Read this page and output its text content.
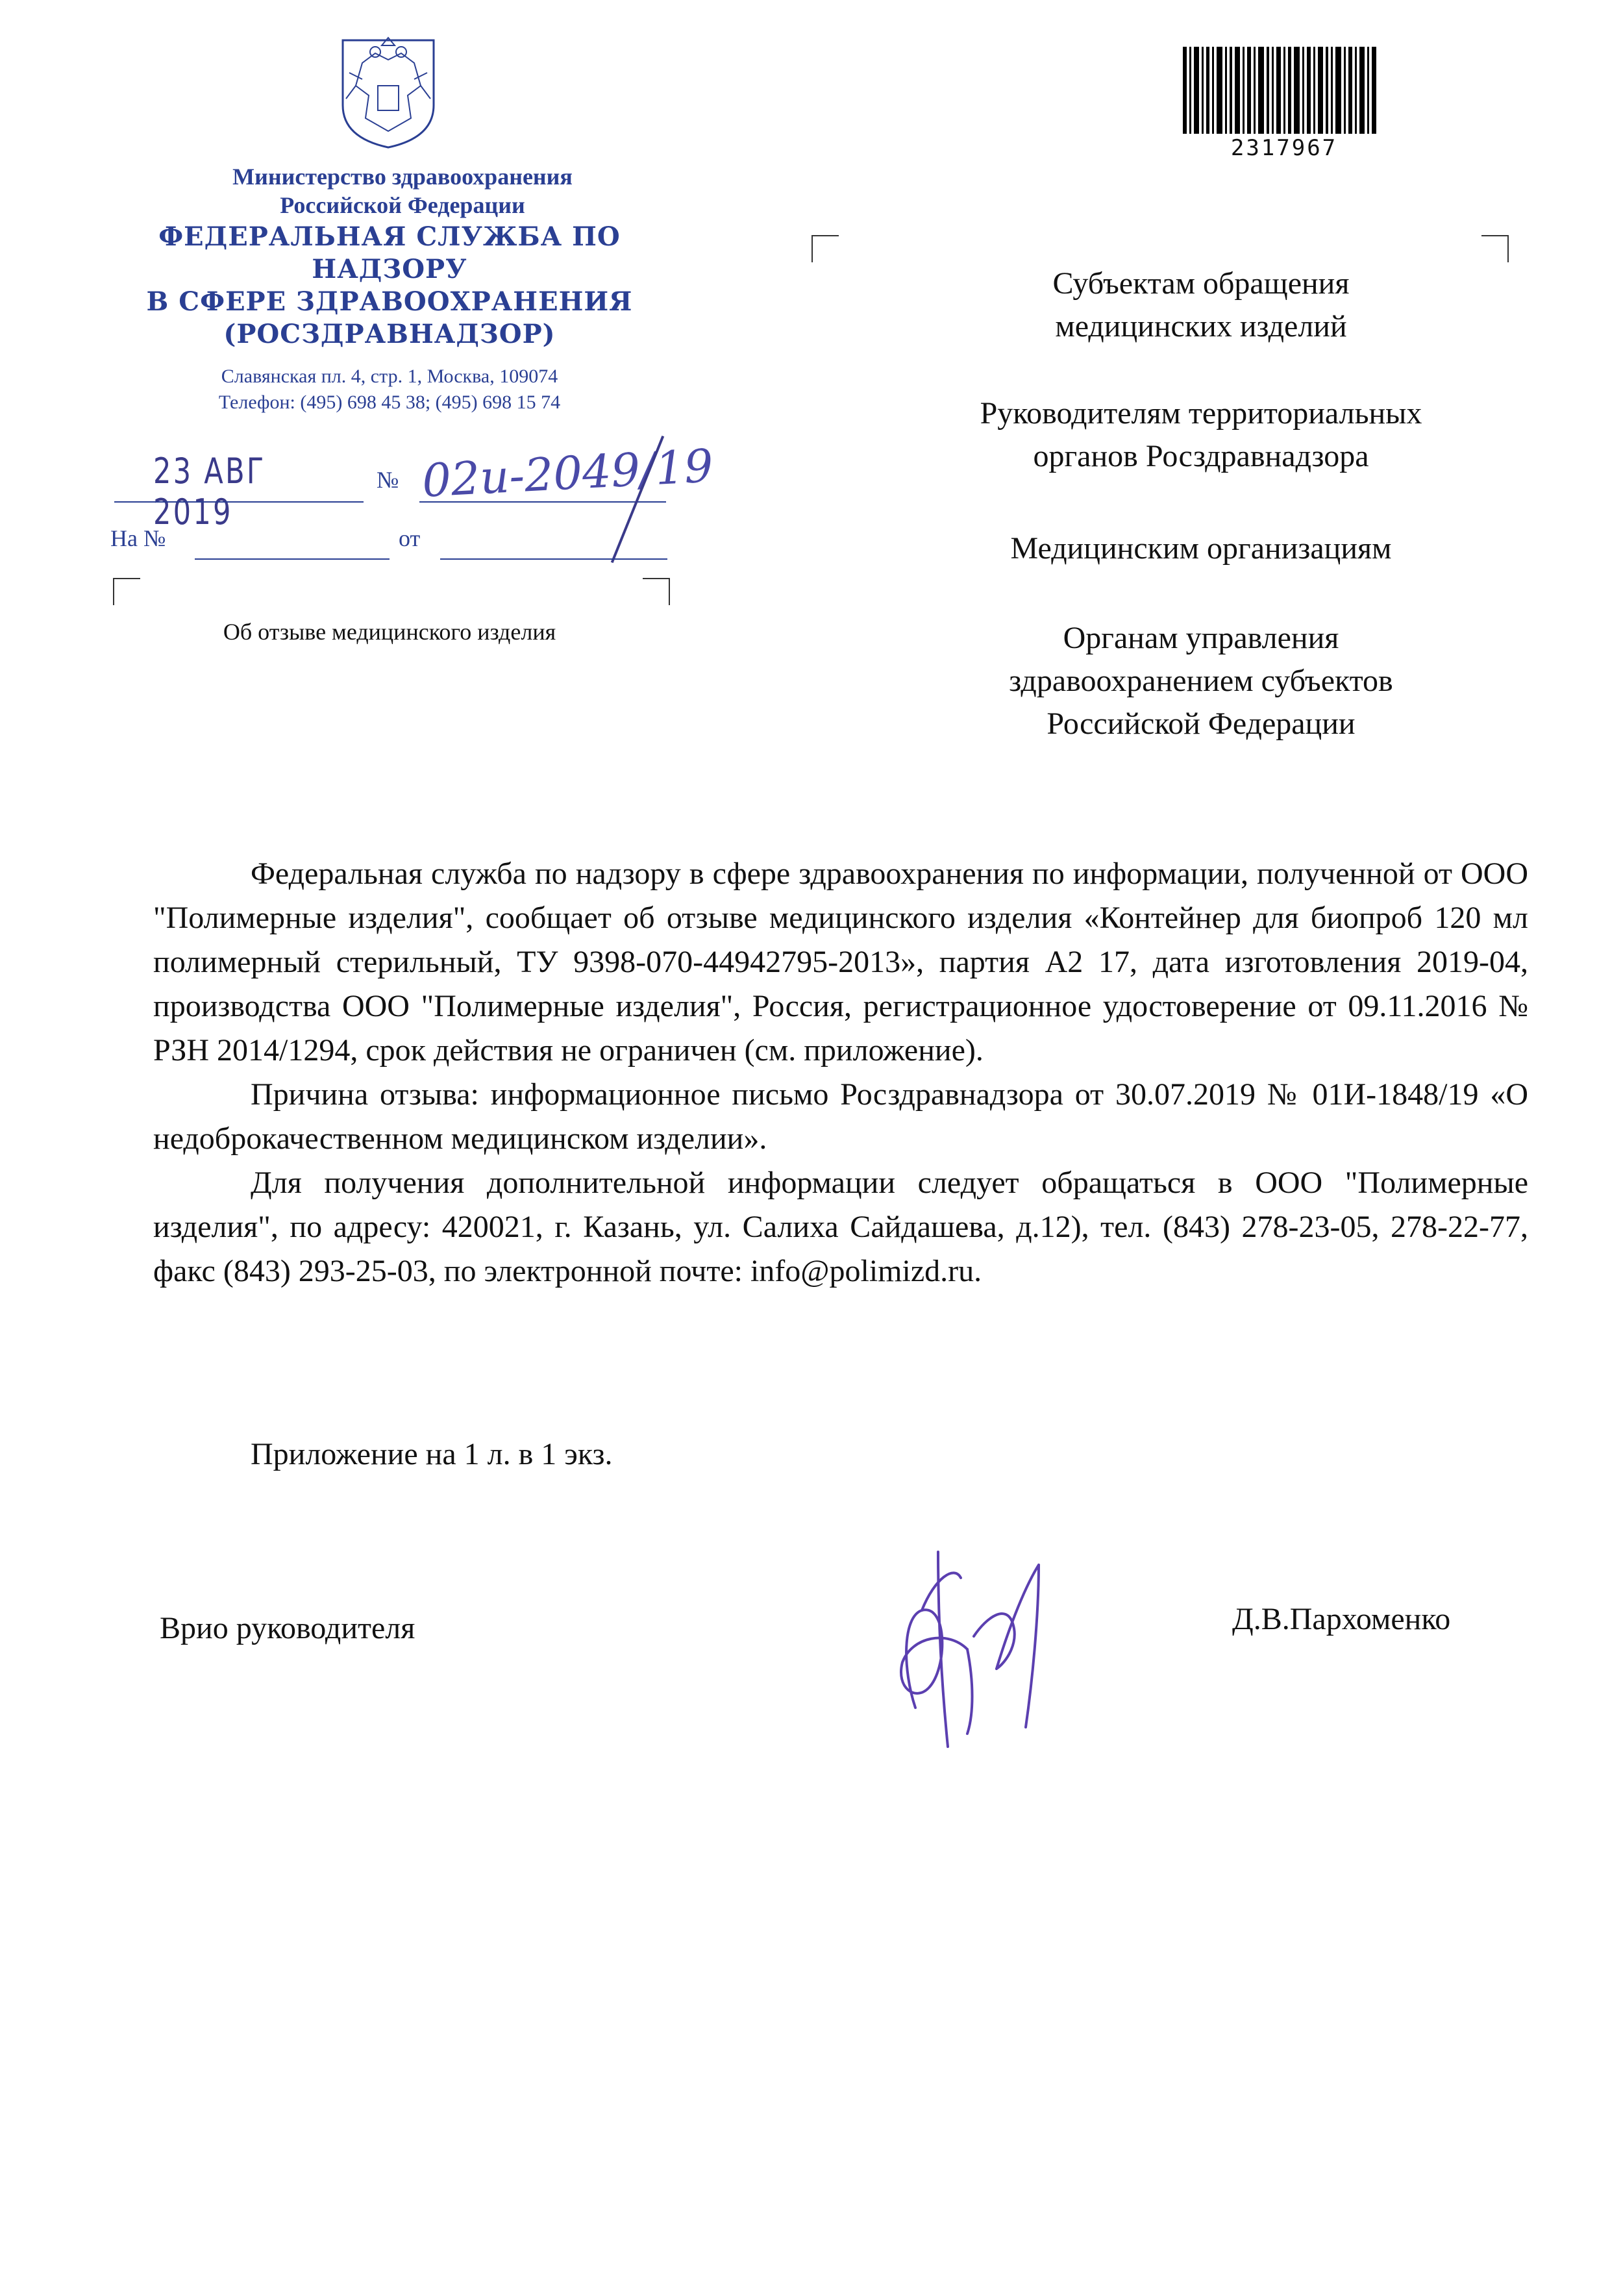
Министерство здравоохранения
Российской Федерации
ФЕДЕРАЛЬНАЯ СЛУЖБА ПО НАДЗОРУ
В СФЕРЕ ЗДРАВООХРАНЕНИЯ
(РОСЗДРАВНАДЗОР)
Славянская пл. 4, стр. 1, Москва, 109074
Телефон: (495) 698 45 38; (495) 698 15 74
23 АВГ 2019
№ 02и-2049/19
На №	от
Об отзыве медицинского изделия
2317967
Субъектам обращения
медицинских изделий
Руководителям территориальных
органов Росздравнадзора
Медицинским организациям
Органам управления
здравоохранением субъектов
Российской Федерации

Федеральная служба по надзору в сфере здравоохранения по информации, полученной от ООО "Полимерные изделия", сообщает об отзыве медицинского изделия «Контейнер для биопроб 120 мл полимерный стерильный, ТУ 9398-070-44942795-2013», партия А2 17, дата изготовления 2019-04, производства ООО "Полимерные изделия", Россия, регистрационное удостоверение от 09.11.2016 № РЗН 2014/1294, срок действия не ограничен (см. приложение).

Причина отзыва: информационное письмо Росздравнадзора от 30.07.2019 № 01И-1848/19 «О недоброкачественном медицинском изделии».

Для получения дополнительной информации следует обращаться в ООО "Полимерные изделия", по адресу: 420021, г. Казань, ул. Салиха Сайдашева, д.12), тел. (843) 278-23-05, 278-22-77, факс (843) 293-25-03, по электронной почте: info@polimizd.ru.

Приложение на 1 л. в 1 экз.
Врио руководителя	Д.В.Пархоменко
